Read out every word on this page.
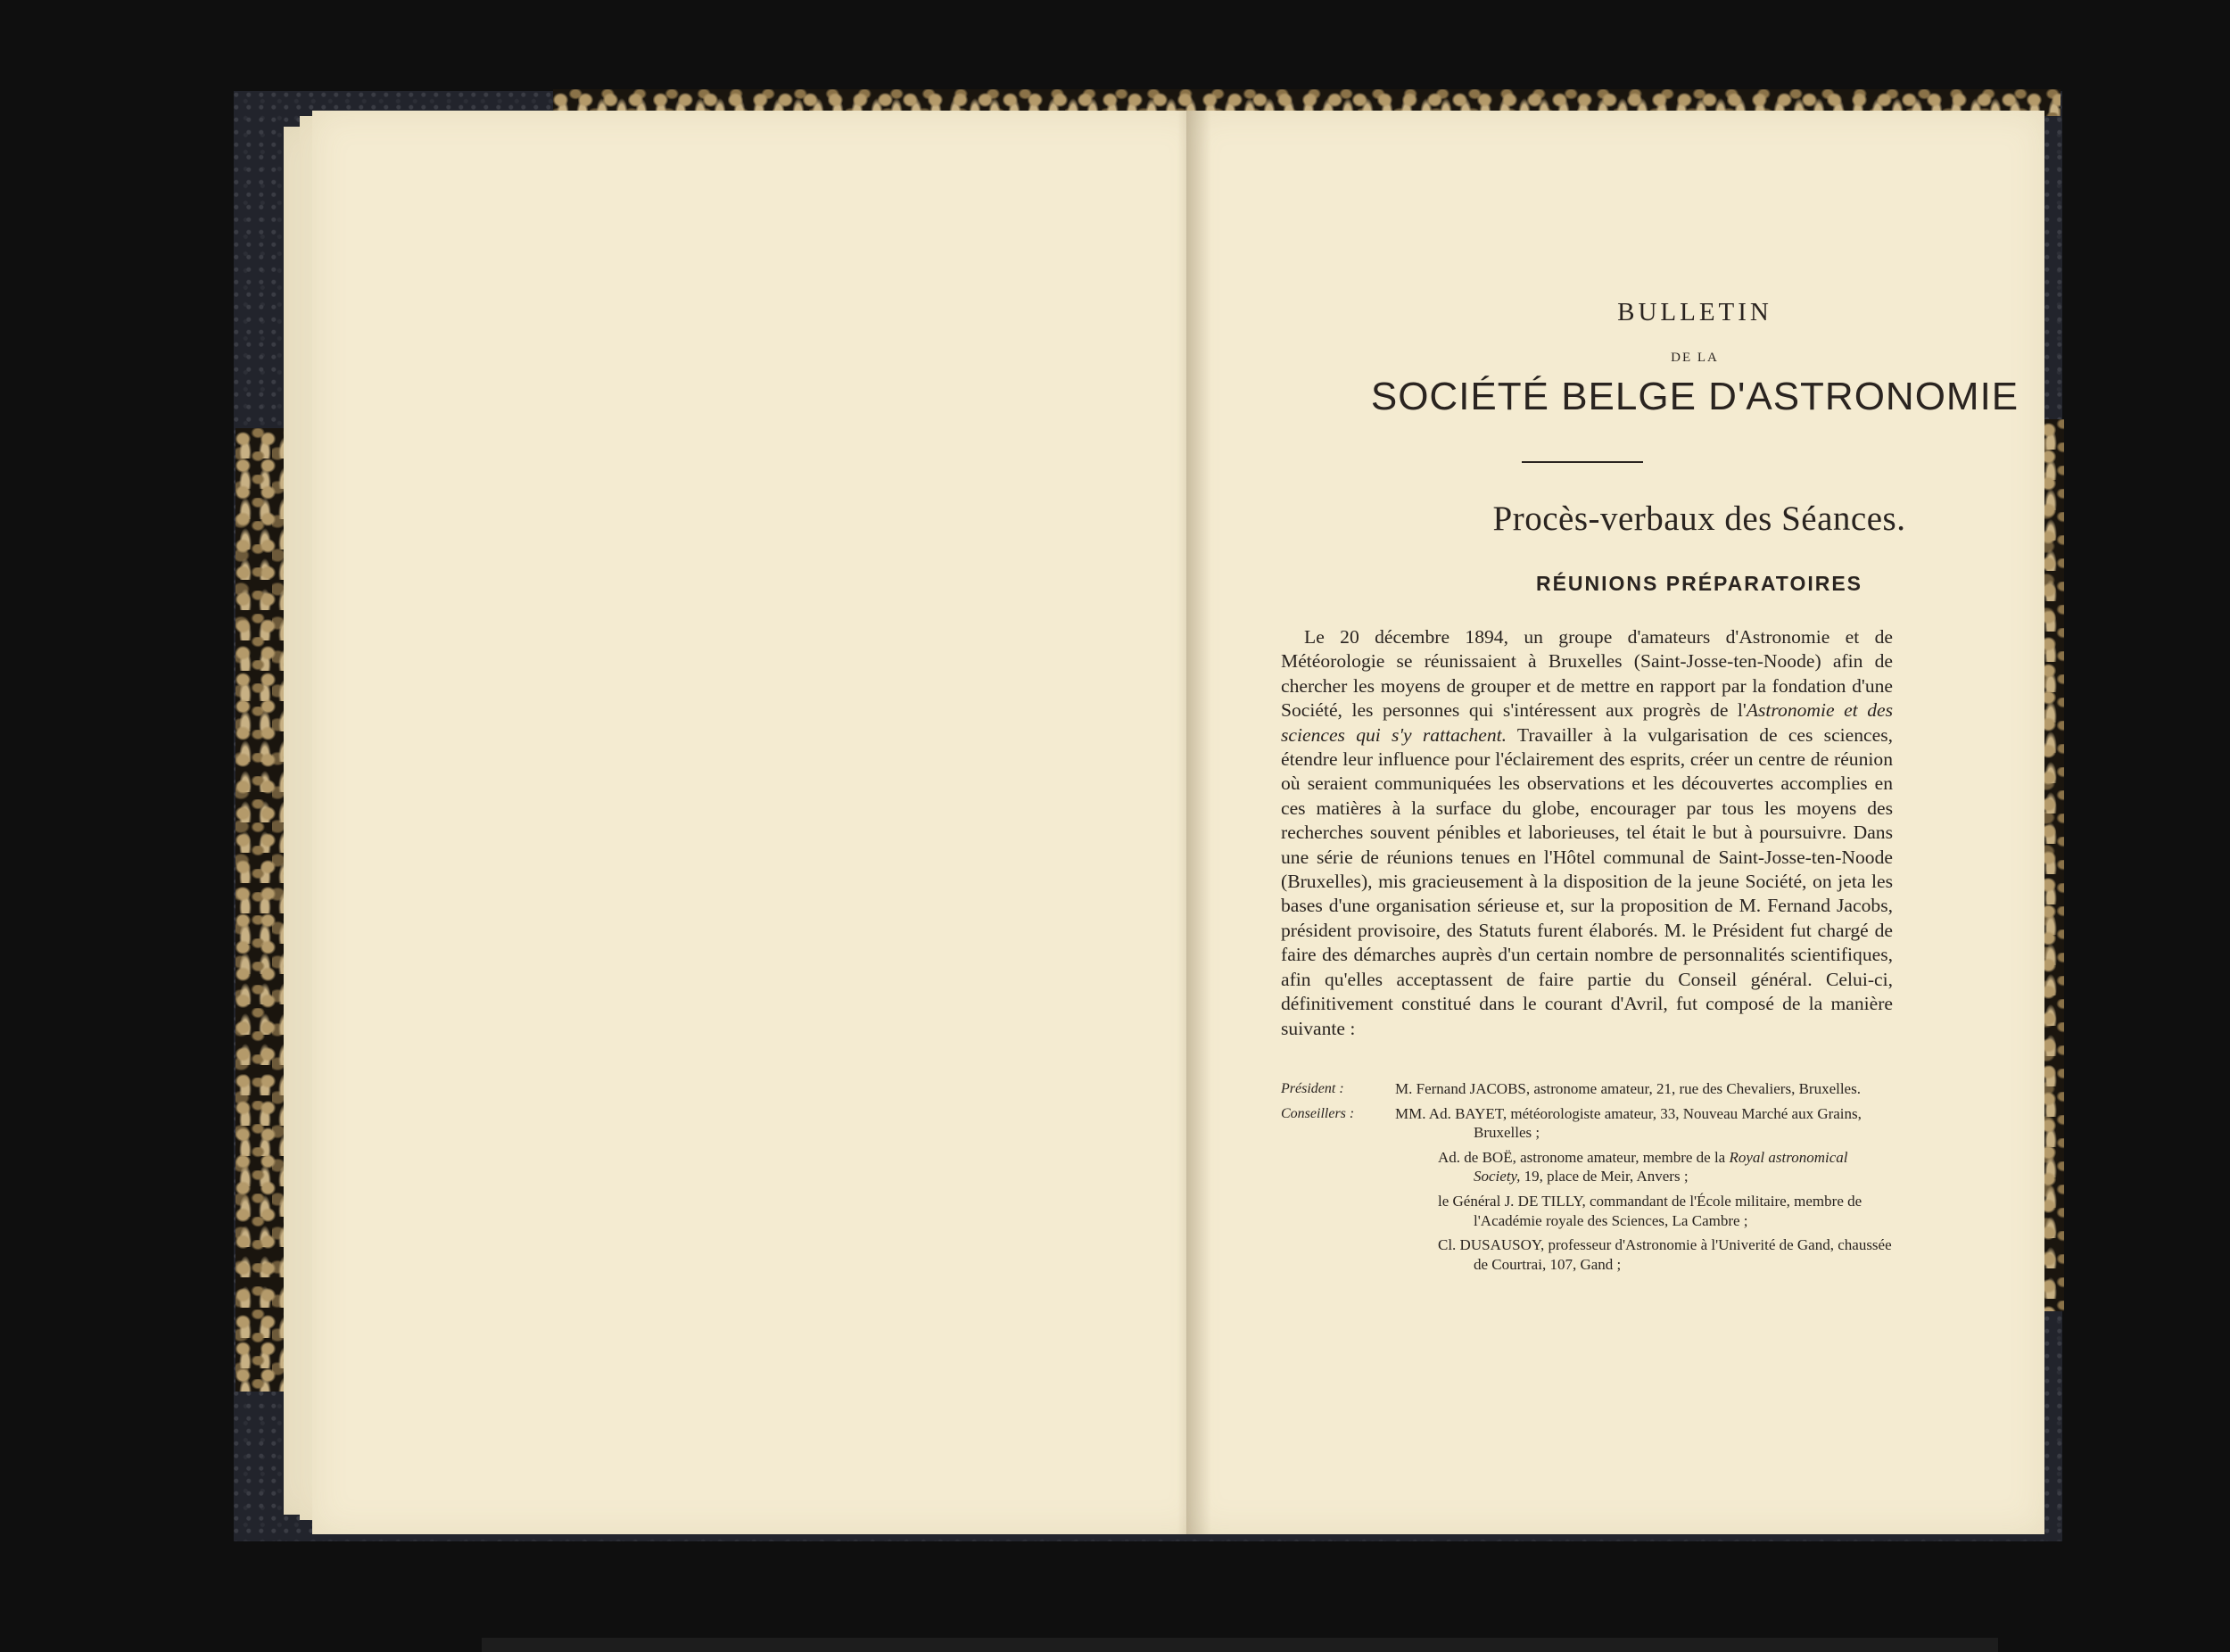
BULLETIN
DE LA
SOCIÉTÉ BELGE D'ASTRONOMIE
Procès-verbaux des Séances.
RÉUNIONS PRÉPARATOIRES

Le 20 décembre 1894, un groupe d'amateurs d'Astronomie et de Météorologie se réunissaient à Bruxelles (Saint-Josse-ten-Noode) afin de chercher les moyens de grouper et de mettre en rapport par la fondation d'une Société, les personnes qui s'intéressent aux progrès de l'Astronomie et des sciences qui s'y rattachent. Travailler à la vulgarisation de ces sciences, étendre leur influence pour l'éclairement des esprits, créer un centre de réunion où seraient communiquées les observations et les découvertes accomplies en ces matières à la surface du globe, encourager par tous les moyens des recherches souvent pénibles et laborieuses, tel était le but à poursuivre. Dans une série de réunions tenues en l'Hôtel communal de Saint-Josse-ten-Noode (Bruxelles), mis gracieusement à la disposition de la jeune Société, on jeta les bases d'une organisation sérieuse et, sur la proposition de M. Fernand Jacobs, président provisoire, des Statuts furent élaborés. M. le Président fut chargé de faire des démarches auprès d'un certain nombre de personnalités scientifiques, afin qu'elles acceptassent de faire partie du Conseil général. Celui-ci, définitivement constitué dans le courant d'Avril, fut composé de la manière suivante :

Président :	M. Fernand JACOBS, astronome amateur, 21, rue des Chevaliers, Bruxelles.
Conseillers :	MM. Ad. BAYET, météorologiste amateur, 33, Nouveau Marché aux Grains, Bruxelles ;
Ad. de BOË, astronome amateur, membre de la Royal astronomical Society, 19, place de Meir, Anvers ;
le Général J. DE TILLY, commandant de l'École militaire, membre de l'Académie royale des Sciences, La Cambre ;
Cl. DUSAUSOY, professeur d'Astronomie à l'Univerité de Gand, chaussée de Courtrai, 107, Gand ;
